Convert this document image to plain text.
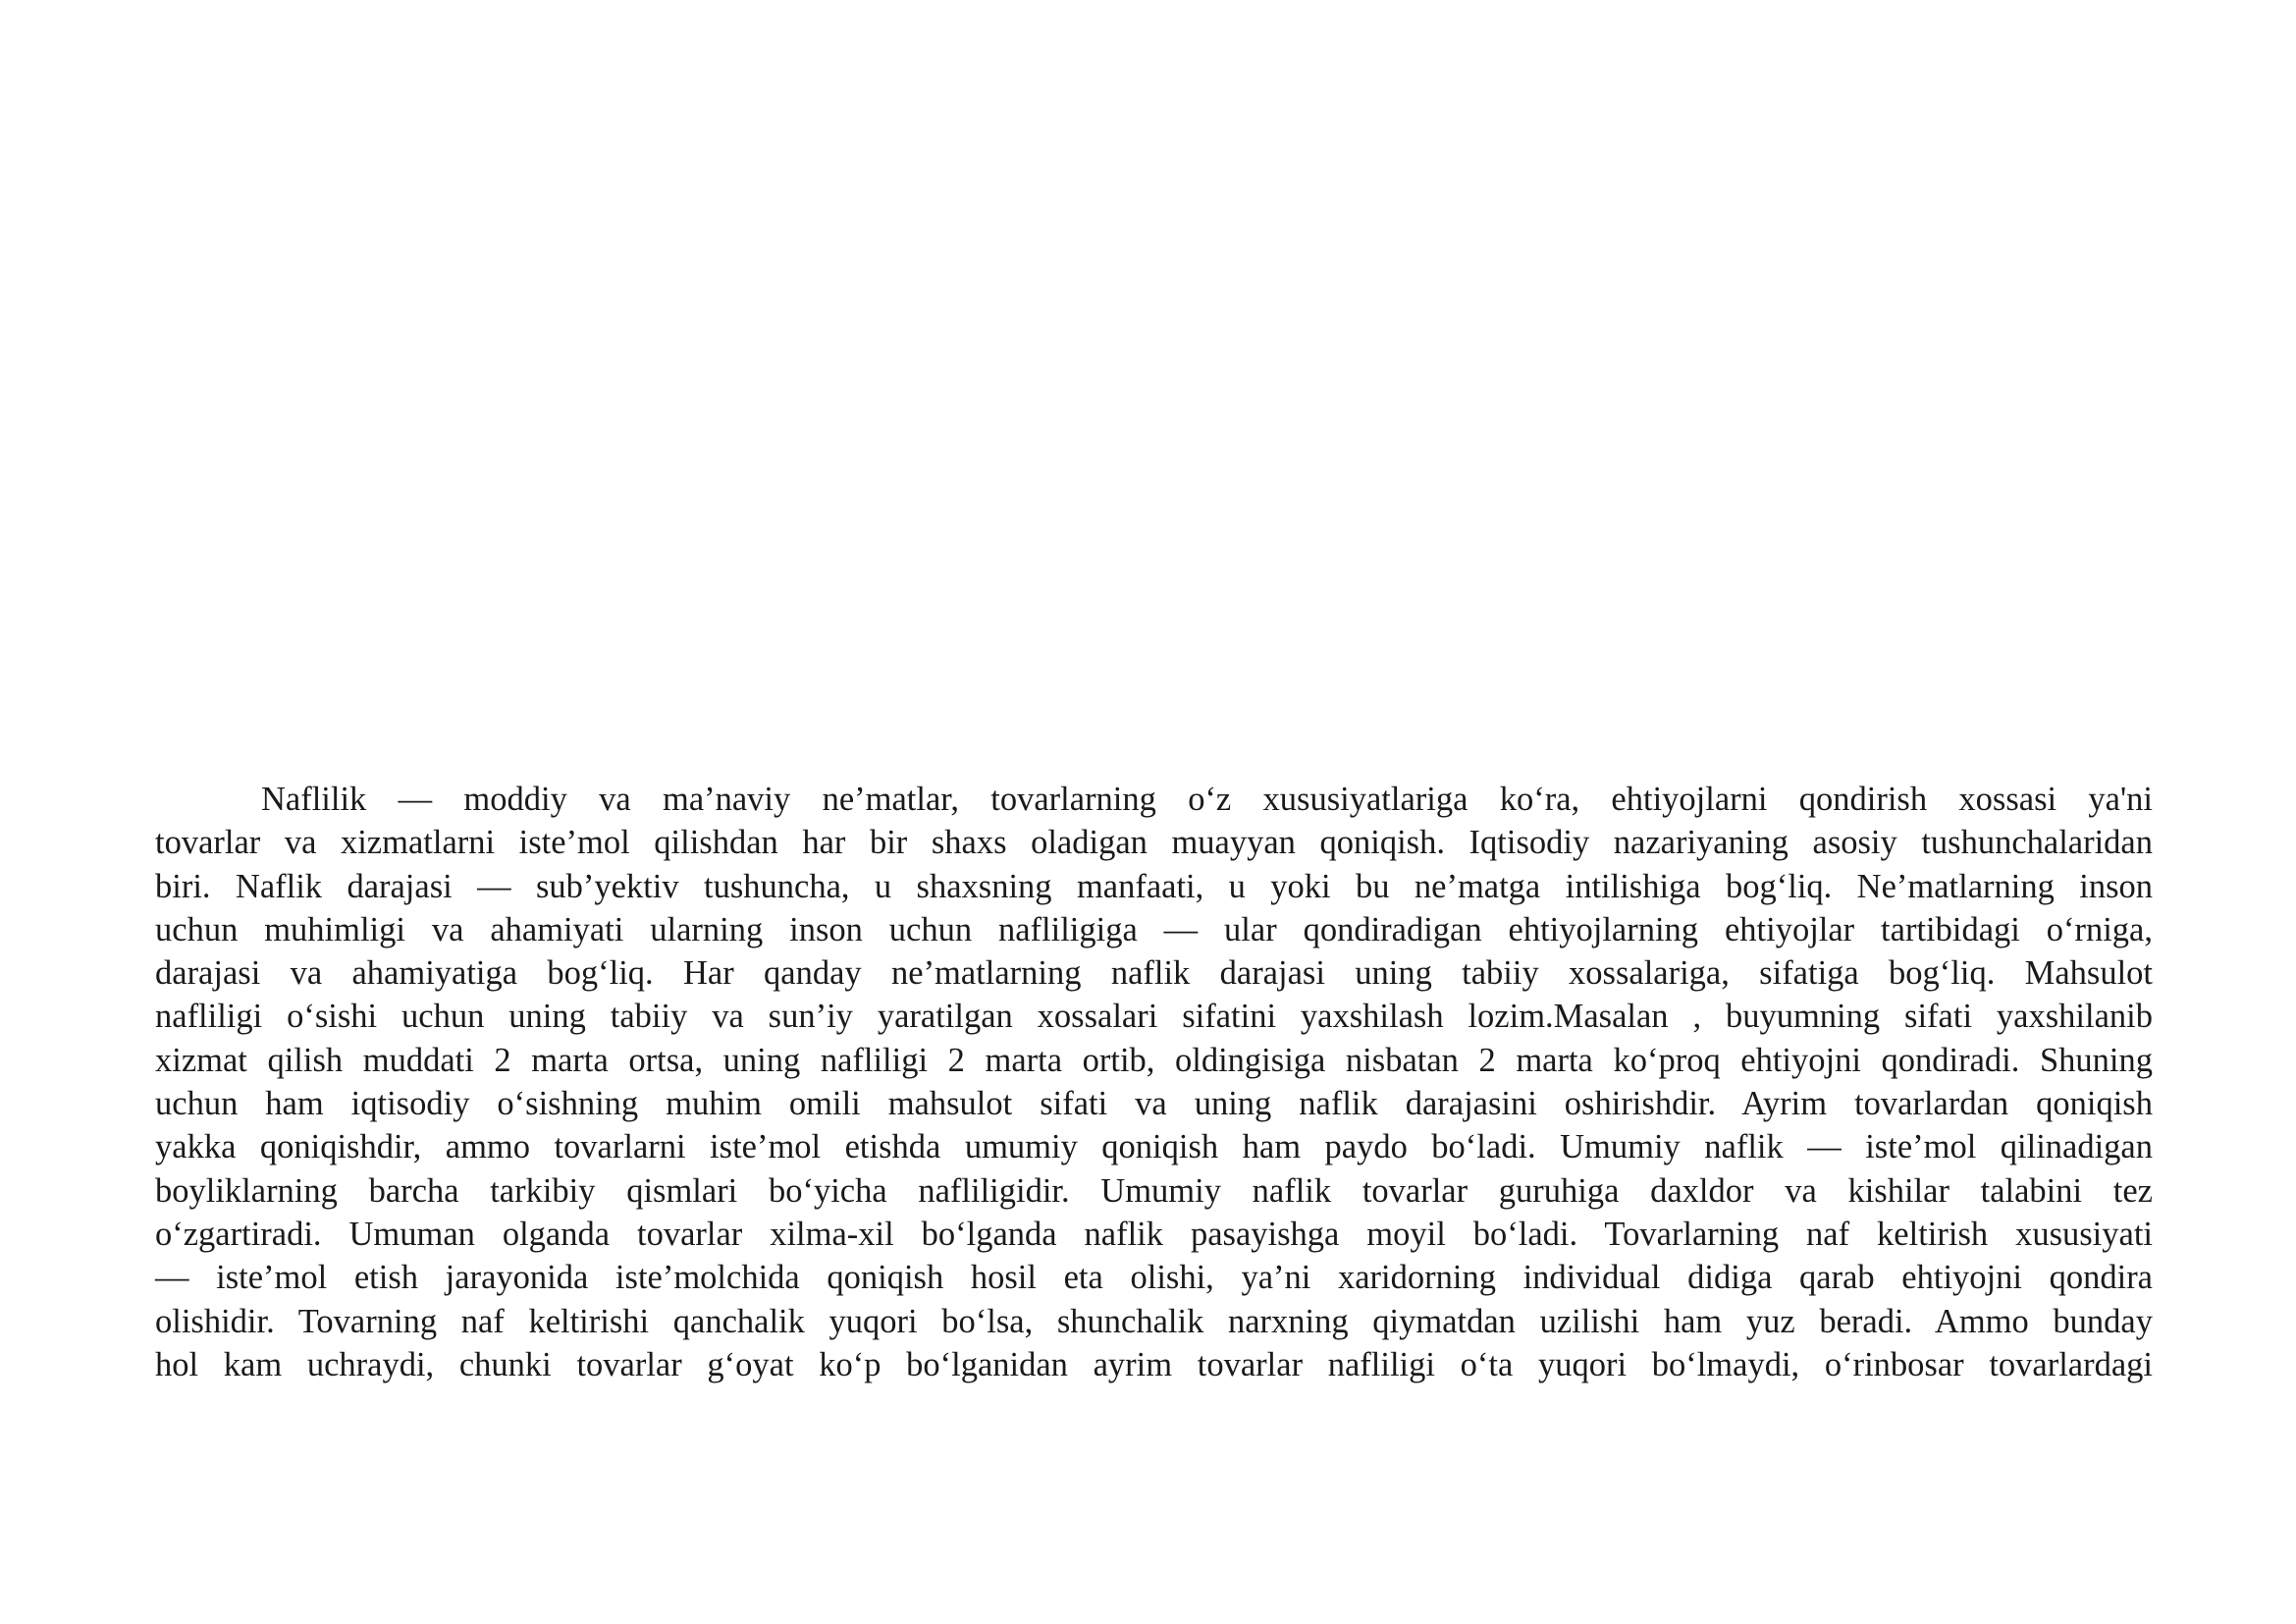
Naflilik — moddiy va ma’naviy ne’matlar, tovarlarning o‘z xususiyatlariga ko‘ra, ehtiyojlarni qondirish xossasi ya'ni
tovarlar va xizmatlarni iste’mol qilishdan har bir shaxs oladigan muayyan qoniqish. Iqtisodiy nazariyaning asosiy tushunchalaridan
biri. Naflik darajasi — sub’yektiv tushuncha, u shaxsning manfaati, u yoki bu ne’matga intilishiga bog‘liq. Ne’matlarning inson
uchun muhimligi va ahamiyati ularning inson uchun nafliligiga — ular qondiradigan ehtiyojlarning ehtiyojlar tartibidagi o‘rniga,
darajasi va ahamiyatiga bog‘liq. Har qanday ne’matlarning naflik darajasi uning tabiiy xossalariga, sifatiga bog‘liq. Mahsulot
nafliligi o‘sishi uchun uning tabiiy va sun’iy yaratilgan xossalari sifatini yaxshilash lozim.Masalan , buyumning sifati yaxshilanib
xizmat qilish muddati 2 marta ortsa, uning nafliligi 2 marta ortib, oldingisiga nisbatan 2 marta ko‘proq ehtiyojni qondiradi. Shuning
uchun ham iqtisodiy o‘sishning muhim omili mahsulot sifati va uning naflik darajasini oshirishdir. Ayrim tovarlardan qoniqish
yakka qoniqishdir, ammo tovarlarni iste’mol etishda umumiy qoniqish ham paydo bo‘ladi. Umumiy naflik — iste’mol qilinadigan
boyliklarning barcha tarkibiy qismlari bo‘yicha nafliligidir. Umumiy naflik tovarlar guruhiga daxldor va kishilar talabini tez
o‘zgartiradi. Umuman olganda tovarlar xilma-xil bo‘lganda naflik pasayishga moyil bo‘ladi. Tovarlarning naf keltirish xususiyati
— iste’mol etish jarayonida iste’molchida qoniqish hosil eta olishi, ya’ni xaridorning individual didiga qarab ehtiyojni qondira
olishidir. Tovarning naf keltirishi qanchalik yuqori bo‘lsa, shunchalik narxning qiymatdan uzilishi ham yuz beradi. Ammo bunday
hol kam uchraydi, chunki tovarlar g‘oyat ko‘p bo‘lganidan ayrim tovarlar nafliligi o‘ta yuqori bo‘lmaydi, o‘rinbosar tovarlardagi
